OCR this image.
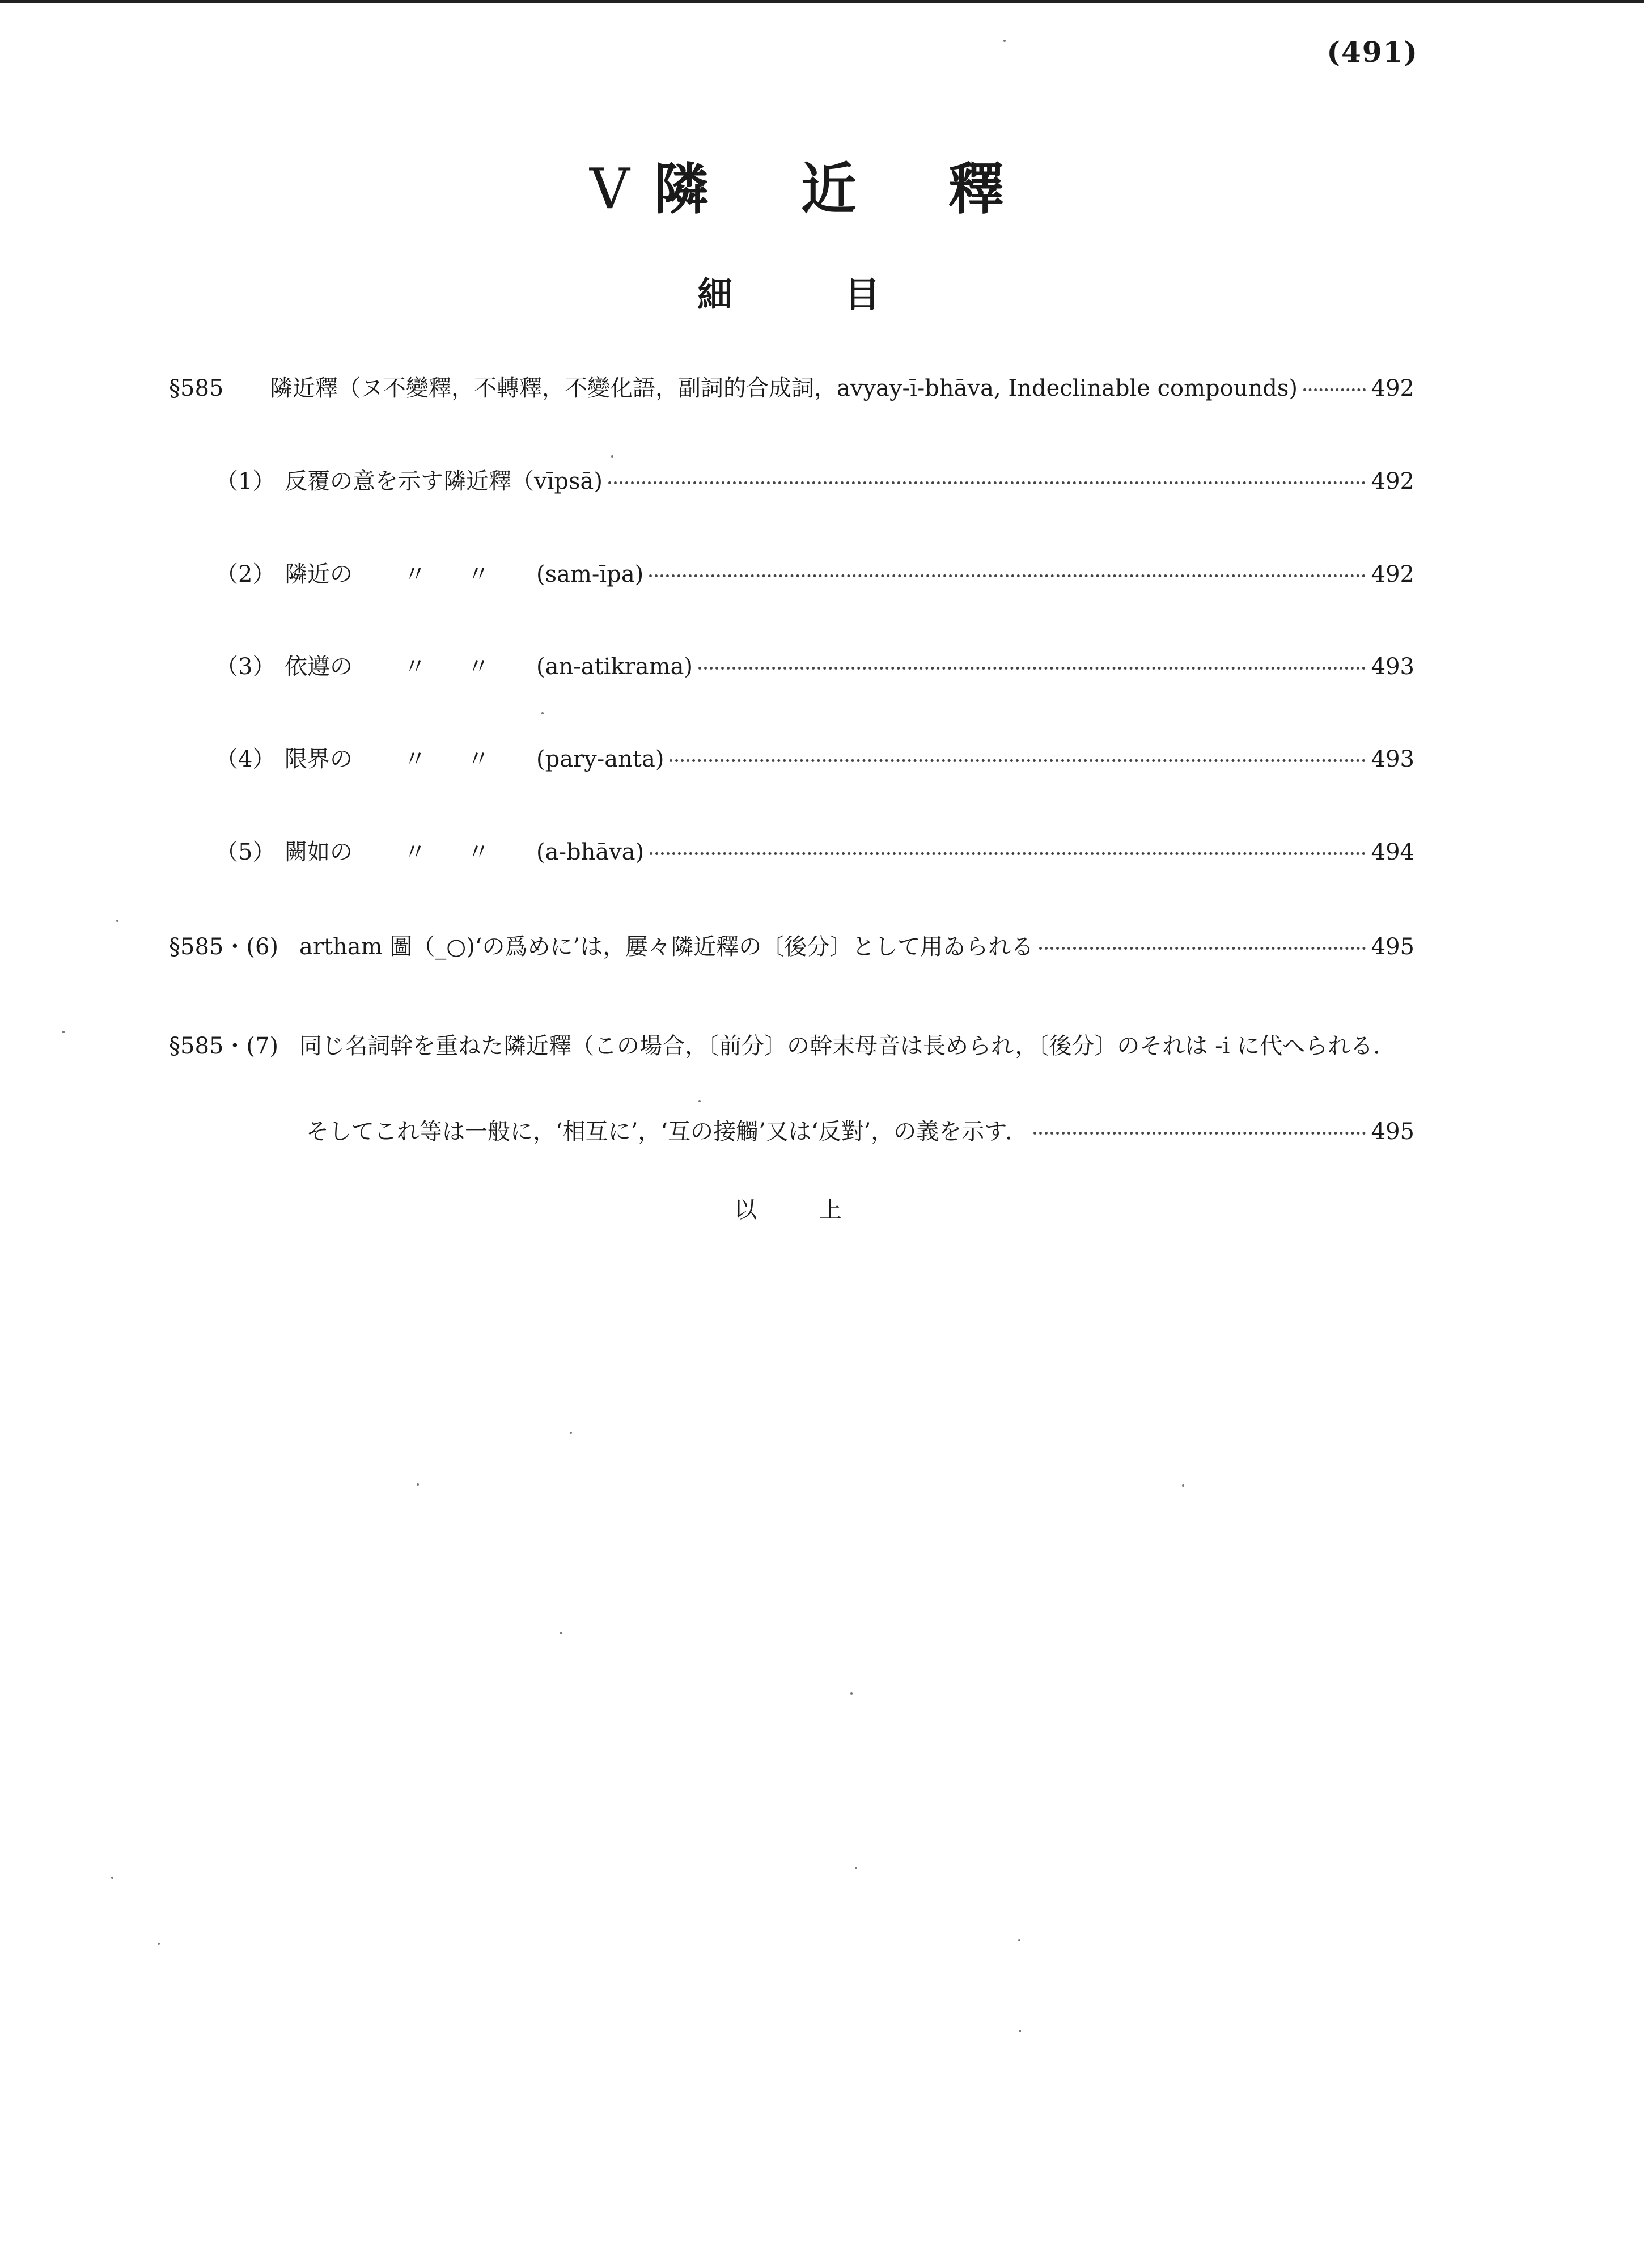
(491)
V 隣 近 釋
細	目
§585	隣近釋（ヌ不變釋，不轉釋，不變化語，副詞的合成詞，avyay-ī-bhāva, Indeclinable compounds)	492
（1） 反覆の意を示す隣近釋（vīpsā)	492
（2） 隣近の	〃	〃	(sam-īpa)	492
（3） 依遵の	〃	〃	(an-atikrama)	493
（4） 限界の	〃	〃	(pary-anta)	493
（5） 闕如の	〃	〃	(a-bhāva)	494
§585・(6) artham 圖（_○)‘の爲めに’は，屢々隣近釋の〔後分〕として用ゐられる	495
§585・(7) 同じ名詞幹を重ねた隣近釋（この場合，〔前分〕の幹末母音は長められ，〔後分〕のそれは -i に代へられる．
そしてこれ等は一般に，‘相互に’，‘互の接觸’又は‘反對’，の義を示す．	495
以	上
